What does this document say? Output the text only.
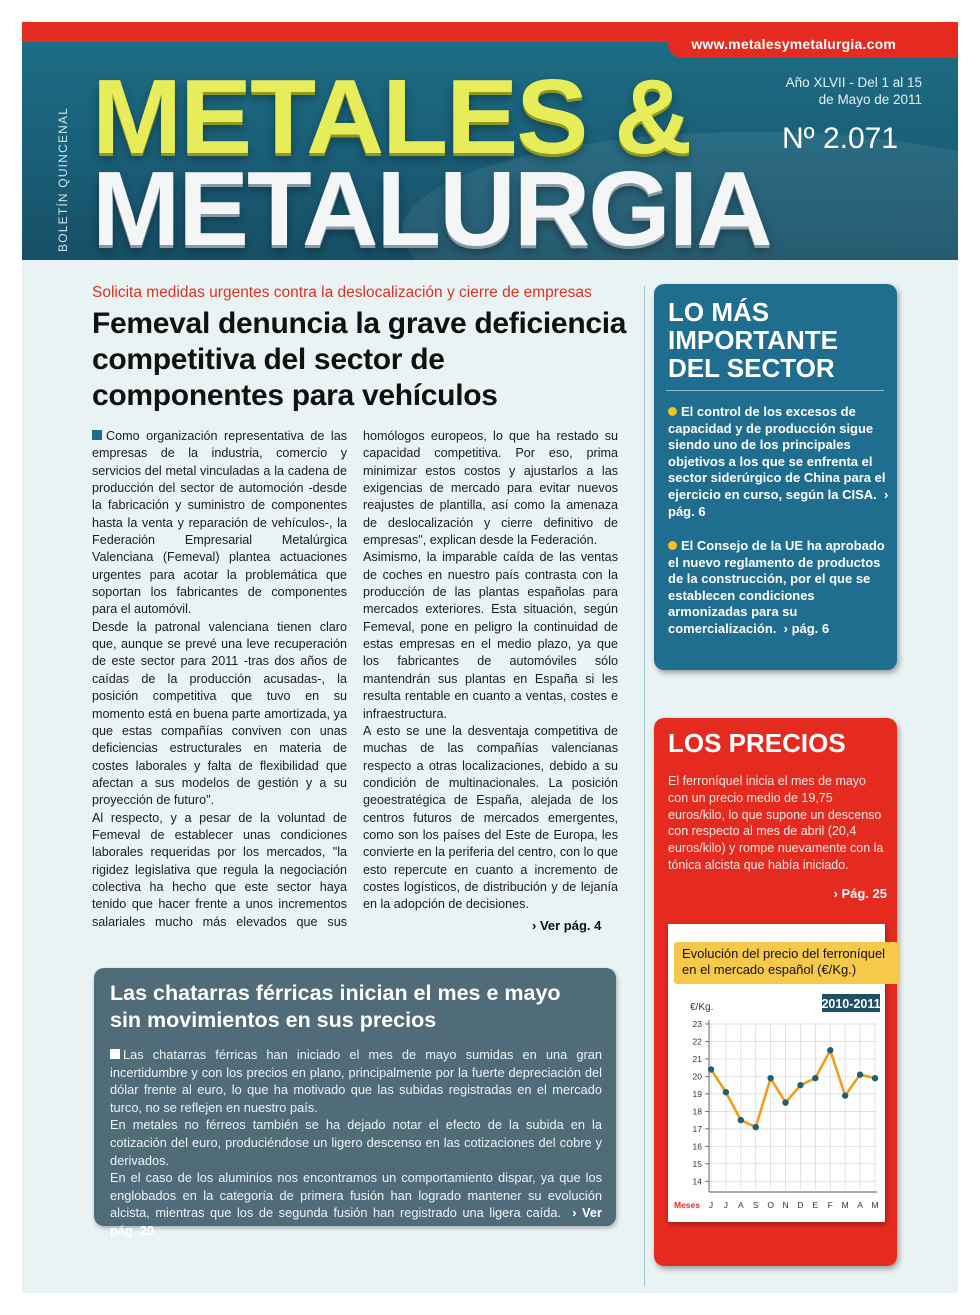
www.metalesymetalurgia.com
BOLETÍN QUINCENAL METALES &
METALURGIA
Año XLVII - Del 1 al 15
de Mayo de 2011
Nº 2.071
Solicita medidas urgentes contra la deslocalización y cierre de empresas
Femeval denuncia la grave deficiencia competitiva del sector de componentes para vehículos

Como organización representativa de las empresas de la industria, comercio y servicios del metal vinculadas a la cadena de producción del sector de automoción -desde la fabricación y suministro de componentes hasta la venta y reparación de vehículos-, la Federación Empresarial Metalúrgica Valenciana (Femeval) plantea actuaciones urgentes para acotar la problemática que soportan los fabricantes de componentes para el automóvil.

Desde la patronal valenciana tienen claro que, aunque se prevé una leve recuperación de este sector para 2011 -tras dos años de caídas de la producción acusadas-, la posición competitiva que tuvo en su momento está en buena parte amortizada, ya que estas compañías conviven con unas deficiencias estructurales en materia de costes laborales y falta de flexibilidad que afectan a sus modelos de gestión y a su proyección de futuro".

Al respecto, y a pesar de la voluntad de Femeval de establecer unas condiciones laborales requeridas por los mercados, "la rigidez legislativa que regula la negociación colectiva ha hecho que este sector haya tenido que hacer frente a unos incrementos salariales mucho más elevados que sus homólogos europeos, lo que ha restado su capacidad competitiva. Por eso, prima minimizar estos costos y ajustarlos a las exigencias de mercado para evitar nuevos reajustes de plantilla, así como la amenaza de deslocalización y cierre definitivo de empresas", explican desde la Federación.

Asimismo, la imparable caída de las ventas de coches en nuestro país contrasta con la producción de las plantas españolas para mercados exteriores. Esta situación, según Femeval, pone en peligro la continuidad de estas empresas en el medio plazo, ya que los fabricantes de automóviles sólo mantendrán sus plantas en España si les resulta rentable en cuanto a ventas, costes e infraestructura.

A esto se une la desventaja competitiva de muchas de las compañías valencianas respecto a otras localizaciones, debido a su condición de multinacionales. La posición geoestratégica de España, alejada de los centros futuros de mercados emergentes, como son los países del Este de Europa, les convierte en la periferia del centro, con lo que esto repercute en cuanto a incremento de costes logísticos, de distribución y de lejanía en la adopción de decisiones.

› Ver pág. 4
LO MÁS IMPORTANTE DEL SECTOR
El control de los excesos de capacidad y de producción sigue siendo uno de los principales objetivos a los que se enfrenta el sector siderúrgico de China para el ejercicio en curso, según la CISA. › pág. 6
El Consejo de la UE ha aprobado el nuevo reglamento de productos de la construcción, por el que se establecen condiciones armonizadas para su comercialización. › pág. 6
LOS PRECIOS
El ferroníquel inicia el mes de mayo con un precio medio de 19,75 euros/kilo, lo que supone un descenso con respecto al mes de abril (20,4 euros/kilo) y rompe nuevamente con la tónica alcista que había iniciado.
› Pág. 25
2010-2011
€/Kg.
14
15
16
17
18
19
20
21
22
23
Meses J J A S O N D E F M A M
Evolución del precio del ferroníquel en el mercado español (€/Kg.)
Las chatarras férricas inician el mes e mayo sin movimientos en sus precios
Las chatarras férricas han iniciado el mes de mayo sumidas en una gran incertidumbre y con los precios en plano, principalmente por la fuerte depreciación del dólar frente al euro, lo que ha motivado que las subidas registradas en el mercado turco, no se reflejen en nuestro país.
En metales no férreos también se ha dejado notar el efecto de la subida en la cotización del euro, produciéndose un ligero descenso en las cotizaciones del cobre y derivados.
En el caso de los aluminios nos encontramos un comportamiento dispar, ya que los englobados en la categoría de primera fusión han logrado mantener su evolución alcista, mientras que los de segunda fusión han registrado una ligera caída. › Ver pág. 20
